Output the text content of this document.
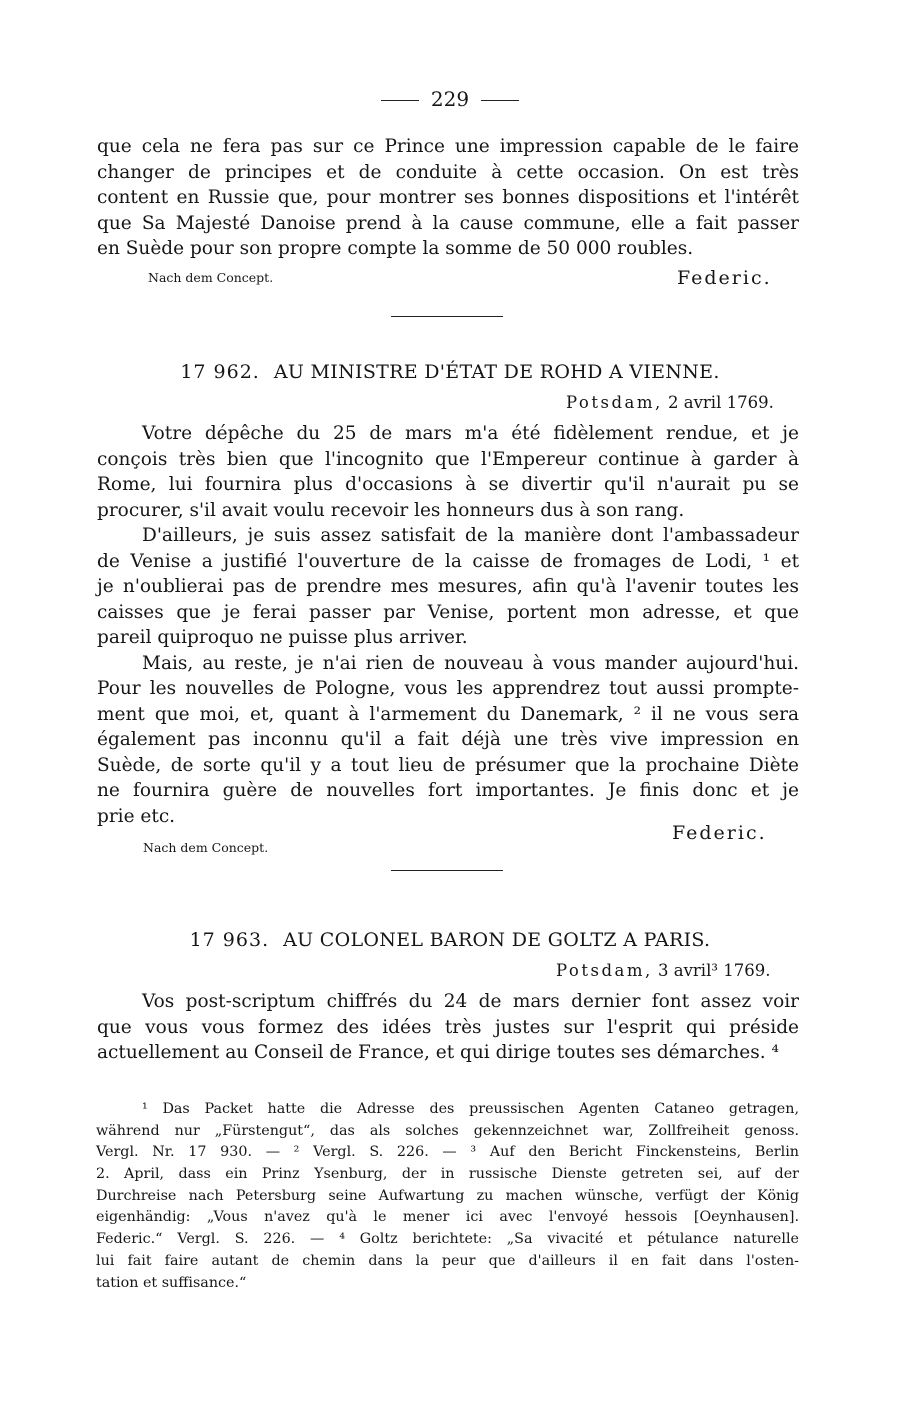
229
que cela ne fera pas sur ce Prince une impression capable de le faire
changer de principes et de conduite à cette occasion. On est très
content en Russie que, pour montrer ses bonnes dispositions et l'intérêt
que Sa Majesté Danoise prend à la cause commune, elle a fait passer
en Suède pour son propre compte la somme de 50 000 roubles.
Nach dem Concept.	Federic.
17 962. AU MINISTRE D'ÉTAT DE ROHD A VIENNE.
Potsdam, 2 avril 1769.
Votre dépêche du 25 de mars m'a été fidèlement rendue, et je
conçois très bien que l'incognito que l'Empereur continue à garder à
Rome, lui fournira plus d'occasions à se divertir qu'il n'aurait pu se
procurer, s'il avait voulu recevoir les honneurs dus à son rang.
D'ailleurs, je suis assez satisfait de la manière dont l'ambassadeur
de Venise a justifié l'ouverture de la caisse de fromages de Lodi, ¹ et
je n'oublierai pas de prendre mes mesures, afin qu'à l'avenir toutes les
caisses que je ferai passer par Venise, portent mon adresse, et que
pareil quiproquo ne puisse plus arriver.
Mais, au reste, je n'ai rien de nouveau à vous mander aujourd'hui.
Pour les nouvelles de Pologne, vous les apprendrez tout aussi prompte-
ment que moi, et, quant à l'armement du Danemark, ² il ne vous sera
également pas inconnu qu'il a fait déjà une très vive impression en
Suède, de sorte qu'il y a tout lieu de présumer que la prochaine Diète
ne fournira guère de nouvelles fort importantes. Je finis donc et je
prie etc.
Nach dem Concept.
Federic.
17 963. AU COLONEL BARON DE GOLTZ A PARIS.
Potsdam, 3 avril³ 1769.
Vos post-scriptum chiffrés du 24 de mars dernier font assez voir
que vous vous formez des idées très justes sur l'esprit qui préside
actuellement au Conseil de France, et qui dirige toutes ses démarches. ⁴
¹ Das Packet hatte die Adresse des preussischen Agenten Cataneo getragen,
während nur „Fürstengut“, das als solches gekennzeichnet war, Zollfreiheit genoss.
Vergl. Nr. 17 930. — ² Vergl. S. 226. — ³ Auf den Bericht Finckensteins, Berlin
2. April, dass ein Prinz Ysenburg, der in russische Dienste getreten sei, auf der
Durchreise nach Petersburg seine Aufwartung zu machen wünsche, verfügt der König
eigenhändig: „Vous n'avez qu'à le mener ici avec l'envoyé hessois [Oeynhausen].
Federic.“ Vergl. S. 226. — ⁴ Goltz berichtete: „Sa vivacité et pétulance naturelle
lui fait faire autant de chemin dans la peur que d'ailleurs il en fait dans l'osten-
tation et suffisance.“
